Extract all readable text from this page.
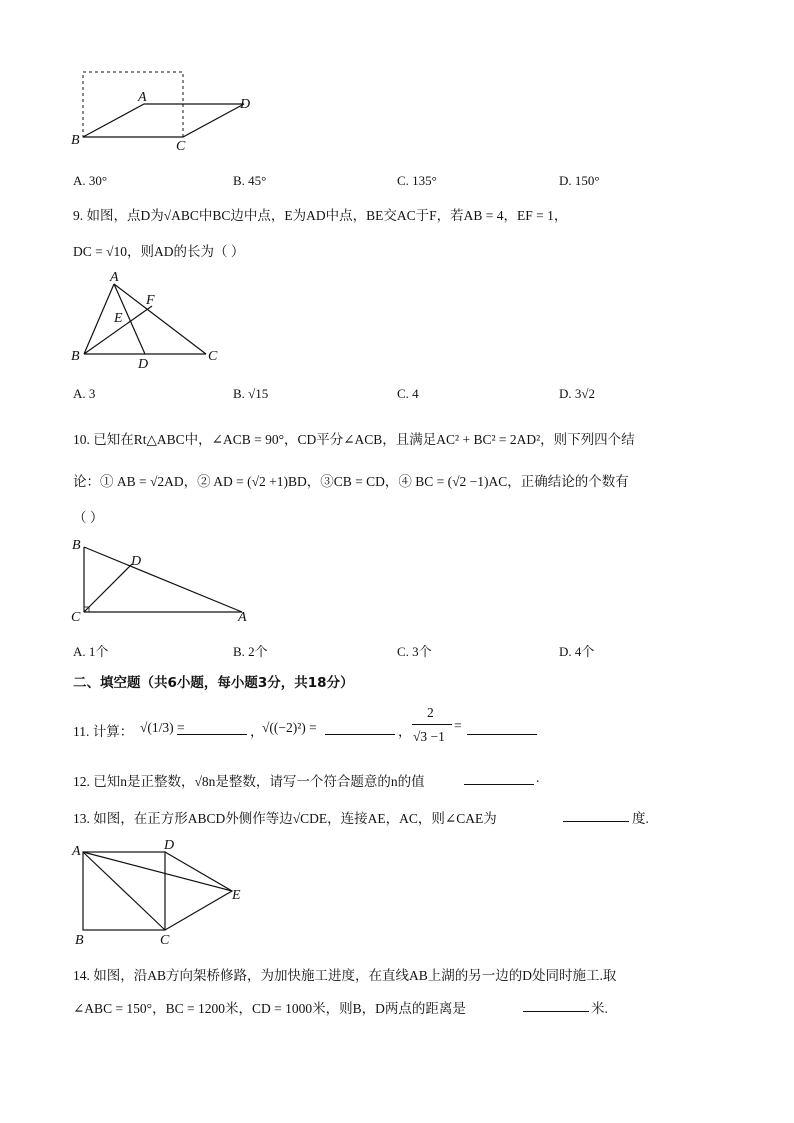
A
B	C
D
A. 30°	B. 45°	C. 135°	D. 150°
9. 如图，点D为√ABC中BC边中点，E为AD中点，BE交AC于F，若AB = 4，EF = 1，
DC = √10，则AD的长为（ ）
A
B	C
D
E
F
A. 3	B. √15	C. 4	D. 3√2
10. 已知在Rt△ABC中，∠ACB = 90°，CD平分∠ACB，且满足AC² + BC² = 2AD²，则下列四个结
论：① AB = √2AD，② AD = (√2 +1)BD，③CB = CD，④ BC = (√2 −1)AC，正确结论的个数有
（ ）
B
C	A
D
A. 1个	B. 2个	C. 3个	D. 4个
二、填空题（共6小题，每小题3分，共18分）
11. 计算： √(1/3) =	，
√((−2)²) =	，
2
√3 −1
=
12. 已知n是正整数，√8n是整数，请写一个符合题意的n的值	.
13. 如图，在正方形ABCD外侧作等边√CDE，连接AE，AC，则∠CAE为	度.
A	D
E
B	C
14. 如图，沿AB方向架桥修路，为加快施工进度，在直线AB上湖的另一边的D处同时施工.取
∠ABC = 150°，BC = 1200米，CD = 1000米，则B，D两点的距离是	米.
